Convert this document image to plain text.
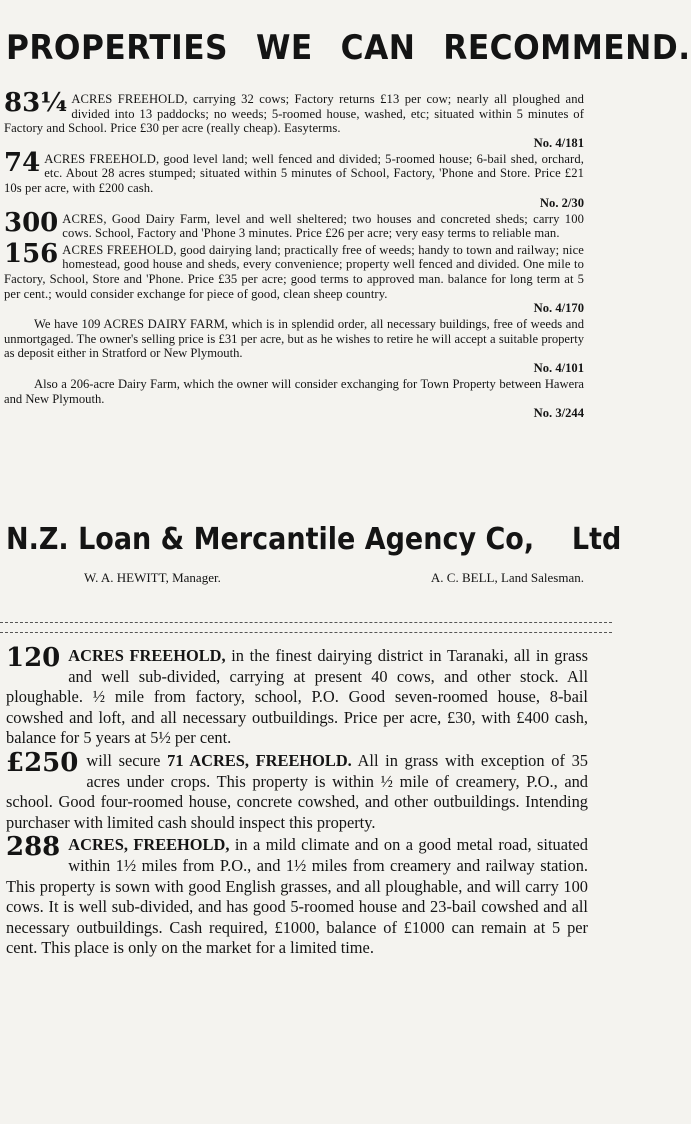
PROPERTIES WE CAN RECOMMEND.
83¼ ACRES FREEHOLD, carrying 32 cows; Factory returns £13 per cow; nearly all ploughed and divided into 13 paddocks; no weeds; 5-roomed house, washed, etc; situated within 5 minutes of Factory and School. Price £30 per acre (really cheap). Easyterms.

No. 4/181
74 ACRES FREEHOLD, good level land; well fenced and divided; 5-roomed house; 6-bail shed, orchard, etc. About 28 acres stumped; situated within 5 minutes of School, Factory, 'Phone and Store. Price £21 10s per acre, with £200 cash.

No. 2/30
300 ACRES, Good Dairy Farm, level and well sheltered; two houses and concreted sheds; carry 100 cows. School, Factory and 'Phone 3 minutes. Price £26 per acre; very easy terms to reliable man.

156 ACRES FREEHOLD, good dairying land; practically free of weeds; handy to town and railway; nice homestead, good house and sheds, every convenience; property well fenced and divided. One mile to Factory, School, Store and 'Phone. Price £35 per acre; good terms to approved man. balance for long term at 5 per cent.; would consider exchange for piece of good, clean sheep country.

No. 4/170

We have 109 ACRES DAIRY FARM, which is in splendid order, all necessary buildings, free of weeds and unmortgaged. The owner's selling price is £31 per acre, but as he wishes to retire he will accept a suitable property as deposit either in Stratford or New Plymouth.

No. 4/101

Also a 206-acre Dairy Farm, which the owner will consider exchanging for Town Property between Hawera and New Plymouth.

No. 3/244
N.Z. Loan & Mercantile Agency Co, Ltd
W. A. HEWITT, Manager.	A. C. BELL, Land Salesman.
120 ACRES FREEHOLD, in the finest dairying district in Taranaki, all in grass and well sub-divided, carrying at present 40 cows, and other stock. All ploughable. ½ mile from factory, school, P.O. Good seven-roomed house, 8-bail cowshed and loft, and all necessary outbuildings. Price per acre, £30, with £400 cash, balance for 5 years at 5½ per cent.

£250 will secure 71 ACRES, FREEHOLD. All in grass with exception of 35 acres under crops. This property is within ½ mile of creamery, P.O., and school. Good four-roomed house, concrete cowshed, and other outbuildings. Intending purchaser with limited cash should inspect this property.

288 ACRES, FREEHOLD, in a mild climate and on a good metal road, situated within 1½ miles from P.O., and 1½ miles from creamery and railway station. This property is sown with good English grasses, and all ploughable, and will carry 100 cows. It is well sub-divided, and has good 5-roomed house and 23-bail cowshed and all necessary outbuildings. Cash required, £1000, balance of £1000 can remain at 5 per cent. This place is only on the market for a limited time.
